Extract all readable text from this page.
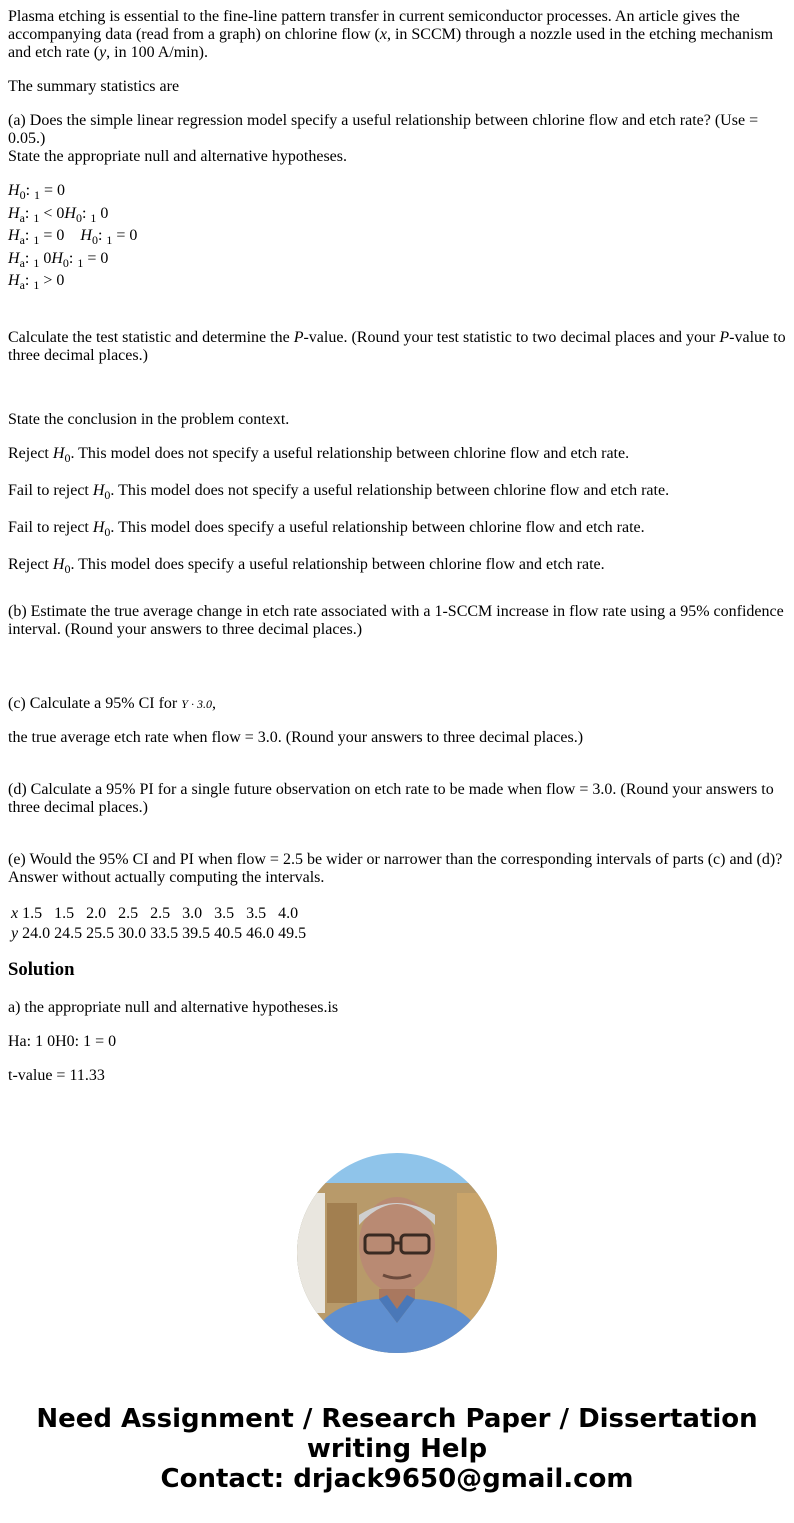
Plasma etching is essential to the fine-line pattern transfer in current semiconductor processes. An article gives the accompanying data (read from a graph) on chlorine flow (x, in SCCM) through a nozzle used in the etching mechanism and etch rate (y, in 100 A/min).

The summary statistics are

(a) Does the simple linear regression model specify a useful relationship between chlorine flow and etch rate? (Use = 0.05.)
State the appropriate null and alternative hypotheses.

$H_0$: $_1$ = 0
$H_a$: $_1 < 0H_0$: $_1$ 0
$H_a$: $_1$ = 0 $H_0$: $_1$ = 0
$H_a$: $_1$ $0H_0$: $_1$ = 0
$H_a$: $_1$ > 0

Calculate the test statistic and determine the P-value. (Round your test statistic to two decimal places and your P-value to three decimal places.)

State the conclusion in the problem context.

Reject $H_0$. This model does not specify a useful relationship between chlorine flow and etch rate.
Fail to reject $H_0$. This model does not specify a useful relationship between chlorine flow and etch rate.
Fail to reject $H_0$. This model does specify a useful relationship between chlorine flow and etch rate.
Reject $H_0$. This model does specify a useful relationship between chlorine flow and etch rate.

(b) Estimate the true average change in etch rate associated with a 1-SCCM increase in flow rate using a 95% confidence interval. (Round your answers to three decimal places.)

(c) Calculate a 95% CI for Y · 3.0,

the true average etch rate when flow = 3.0. (Round your answers to three decimal places.)

(d) Calculate a 95% PI for a single future observation on etch rate to be made when flow = 3.0. (Round your answers to three decimal places.)

(e) Would the 95% CI and PI when flow = 2.5 be wider or narrower than the corresponding intervals of parts (c) and (d)? Answer without actually computing the intervals.

x	1.5	1.5	2.0	2.5	2.5	3.0	3.5	3.5	4.0
y	24.0	24.5	25.5	30.0	33.5	39.5	40.5	46.0	49.5
Solution

a) the appropriate null and alternative hypotheses.is

Ha: 1 0H0: 1 = 0

t-value = 11.33

Need Assignment / Research Paper / Dissertation
writing Help
Contact: drjack9650@gmail.com
